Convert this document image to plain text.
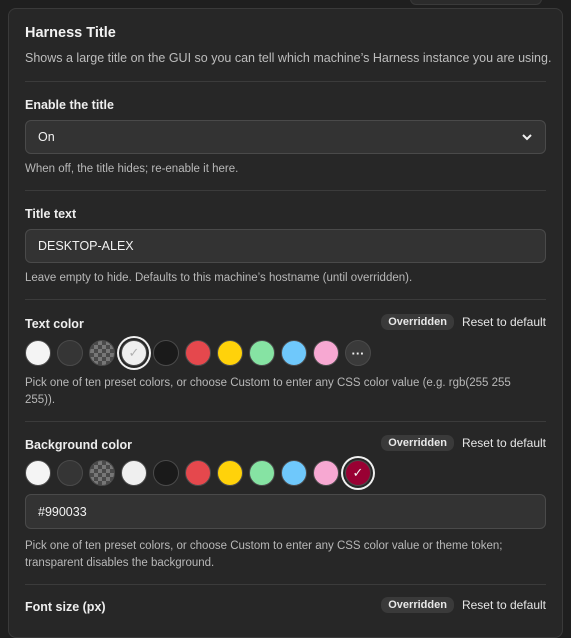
Harness Title
Shows a large title on the GUI so you can tell which machine’s Harness instance you are using.
Enable the title
On
When off, the title hides; re-enable it here.
Title text
DESKTOP-ALEX
Leave empty to hide. Defaults to this machine’s hostname (until overridden).
Text color	Overridden	Reset to default
✓	···
Pick one of ten preset colors, or choose Custom to enter any CSS color value (e.g. rgb(255 255
255)).
Background color	Overridden	Reset to default
✓
#990033
Pick one of ten preset colors, or choose Custom to enter any CSS color value or theme token;
transparent disables the background.
Font size (px)	Overridden	Reset to default
